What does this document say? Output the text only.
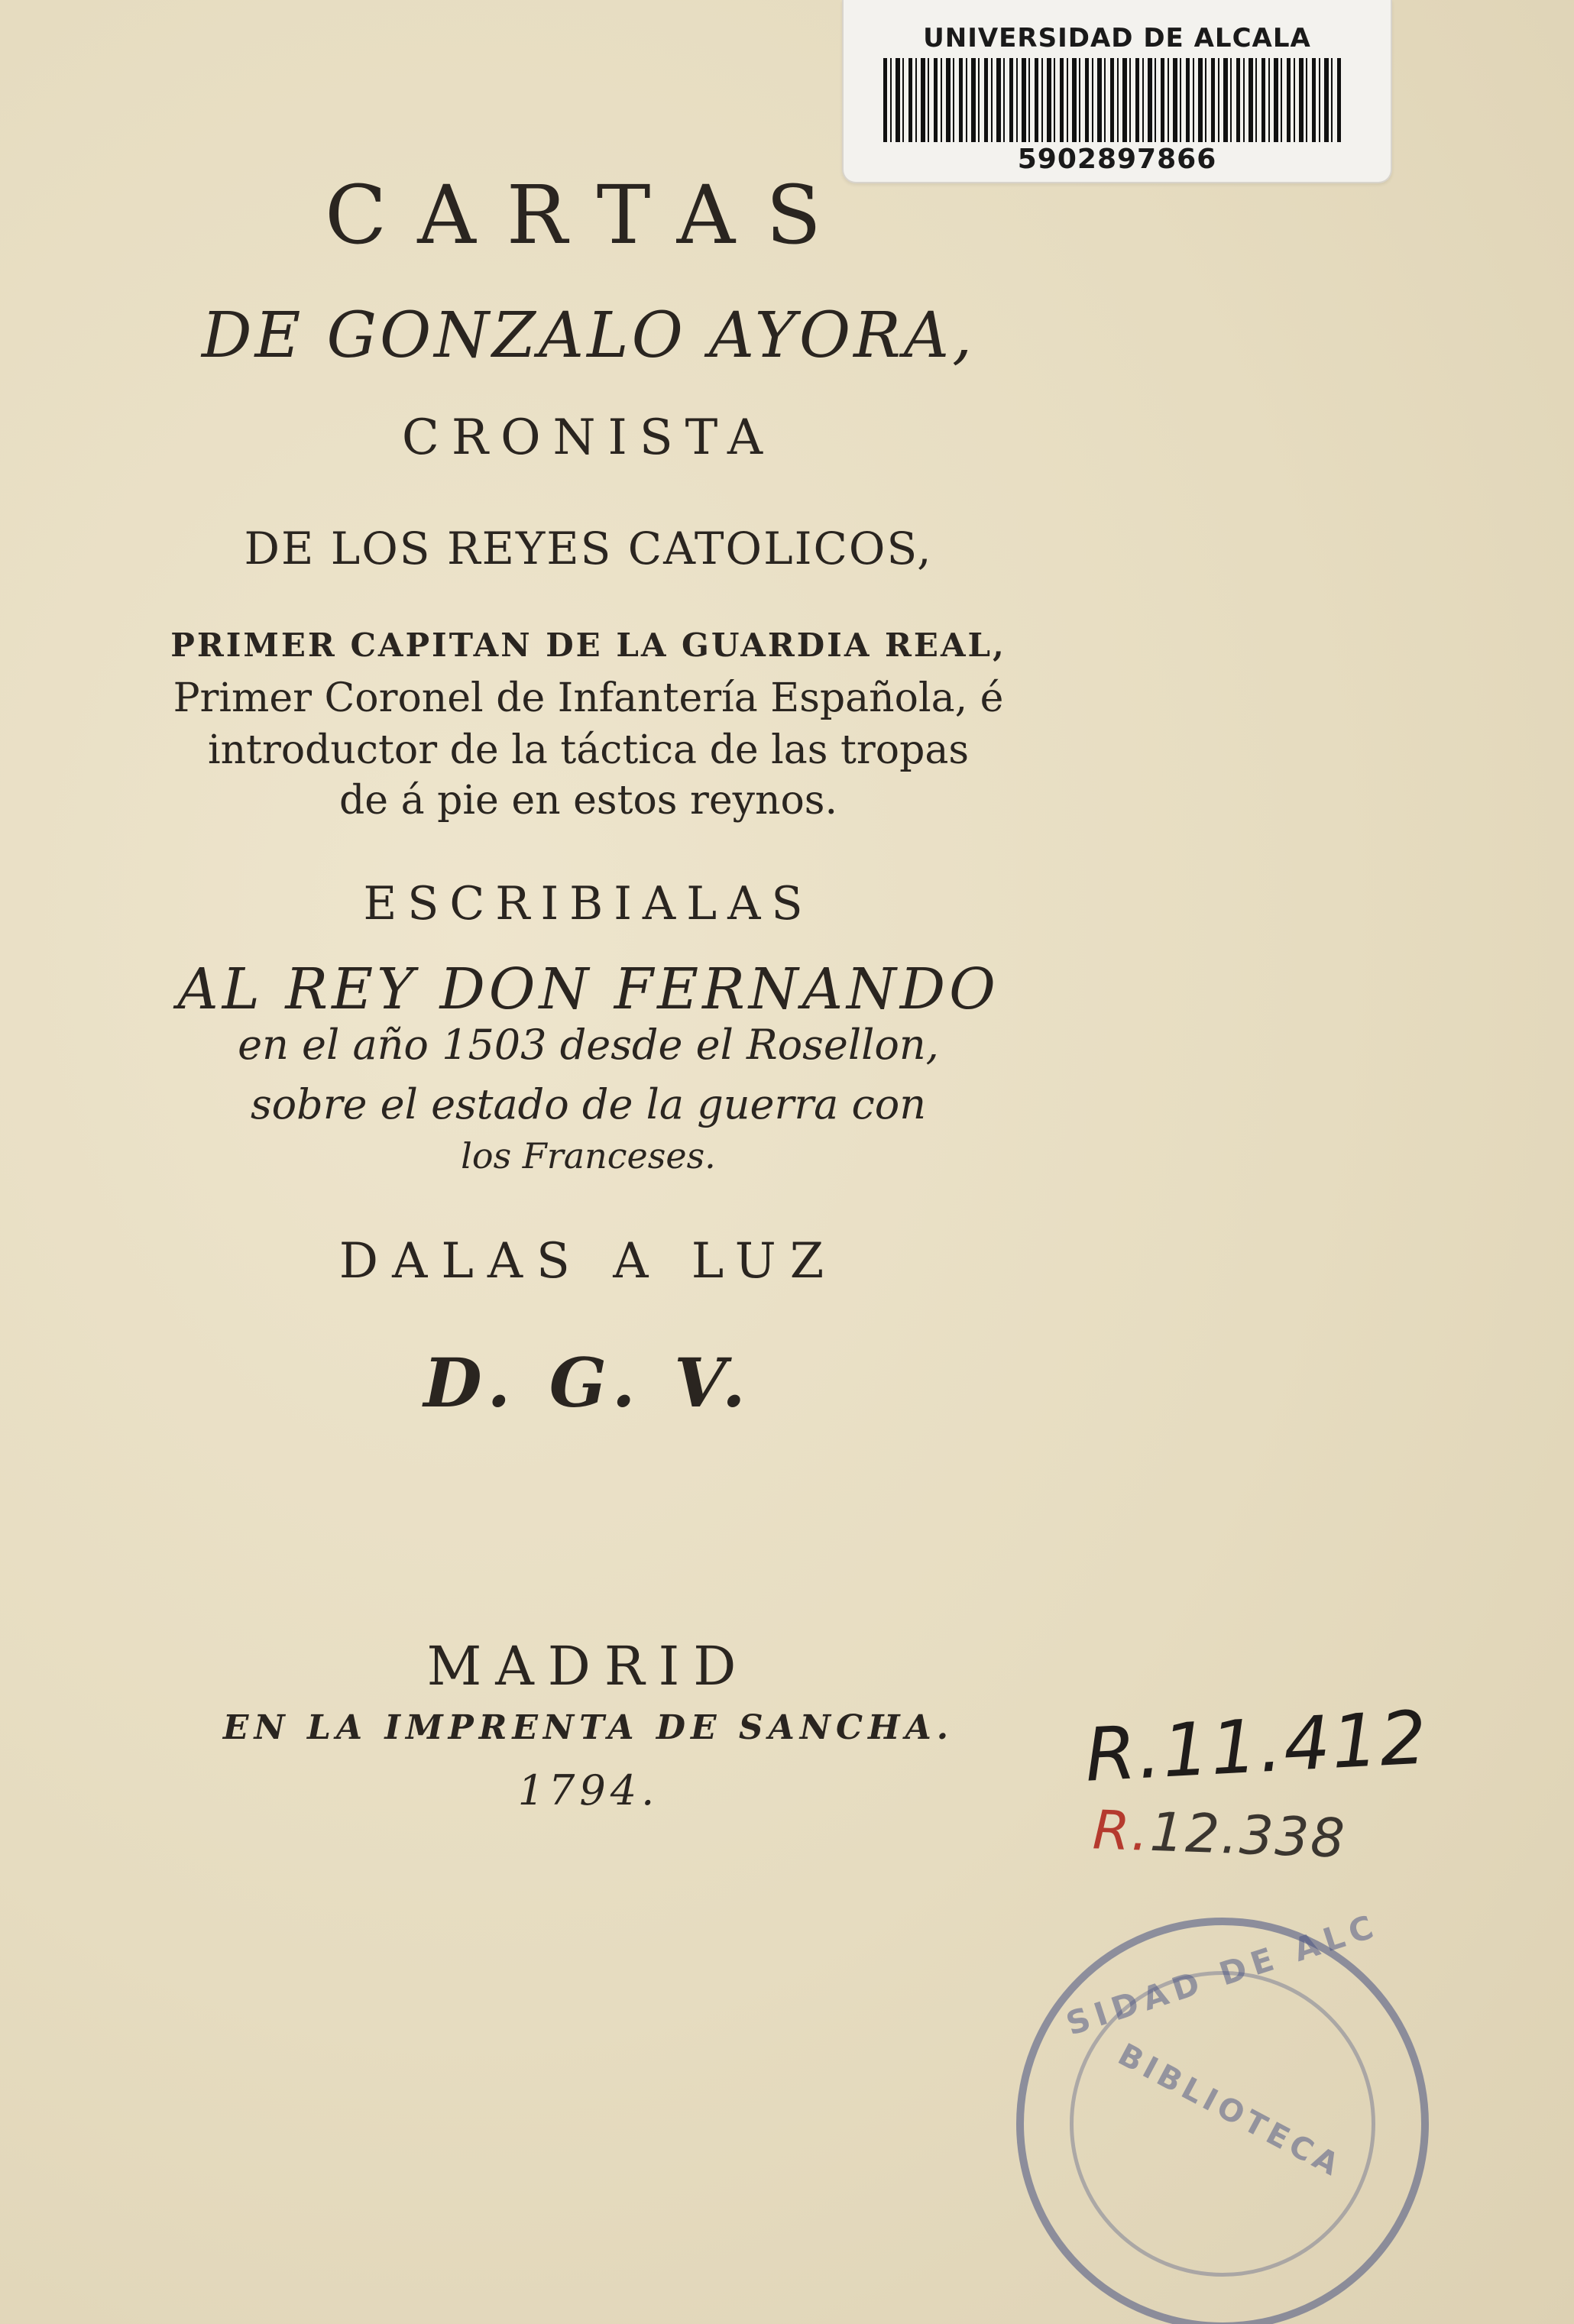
UNIVERSIDAD DE ALCALA
5902897866
CARTAS
DE GONZALO AYORA,
CRONISTA
DE LOS REYES CATOLICOS,
PRIMER CAPITAN DE LA GUARDIA REAL,
Primer Coronel de Infantería Española, é
introductor de la táctica de las tropas
de á pie en estos reynos.
ESCRIBIALAS
AL REY DON FERNANDO
en el año 1503 desde el Rosellon,
sobre el estado de la guerra con
los Franceses.
DALAS A LUZ
D. G. V.
MADRID
EN LA IMPRENTA DE SANCHA.
1794.	R.11.412
R.12.338
SIDAD DE ALC
BIBLIOTECA
